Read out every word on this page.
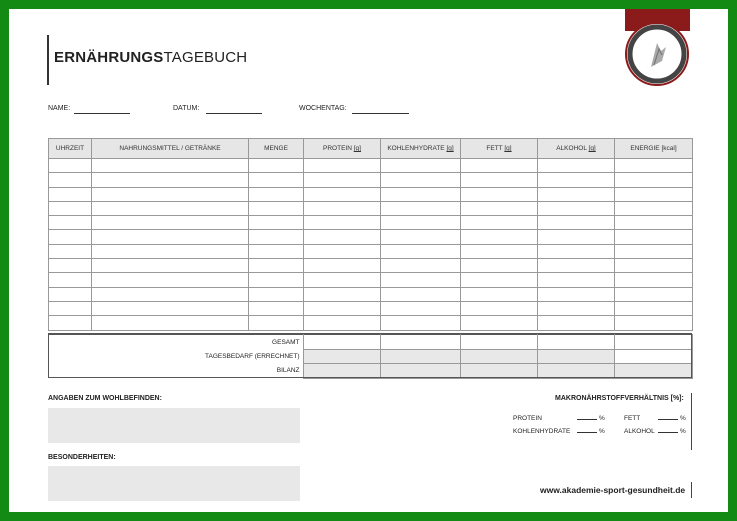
ERNÄHRUNGSTAGEBUCH
NAME:	DATUM:	WOCHENTAG:
UHRZEIT	NAHRUNGSMITTEL / GETRÄNKE	MENGE	PROTEIN [g]	KOHLENHYDRATE [g]	FETT [g]	ALKOHOL [g]	ENERGIE [kcal]

GESAMT					
TAGESBEDARF (ERRECHNET)					
BILANZ					
ANGABEN ZUM WOHLBEFINDEN:
BESONDERHEITEN:
MAKRONÄHRSTOFFVERHÄLTNIS [%]:
PROTEIN	%	FETT	%
KOHLENHYDRATE	%	ALKOHOL	%
www.akademie-sport-gesundheit.de
